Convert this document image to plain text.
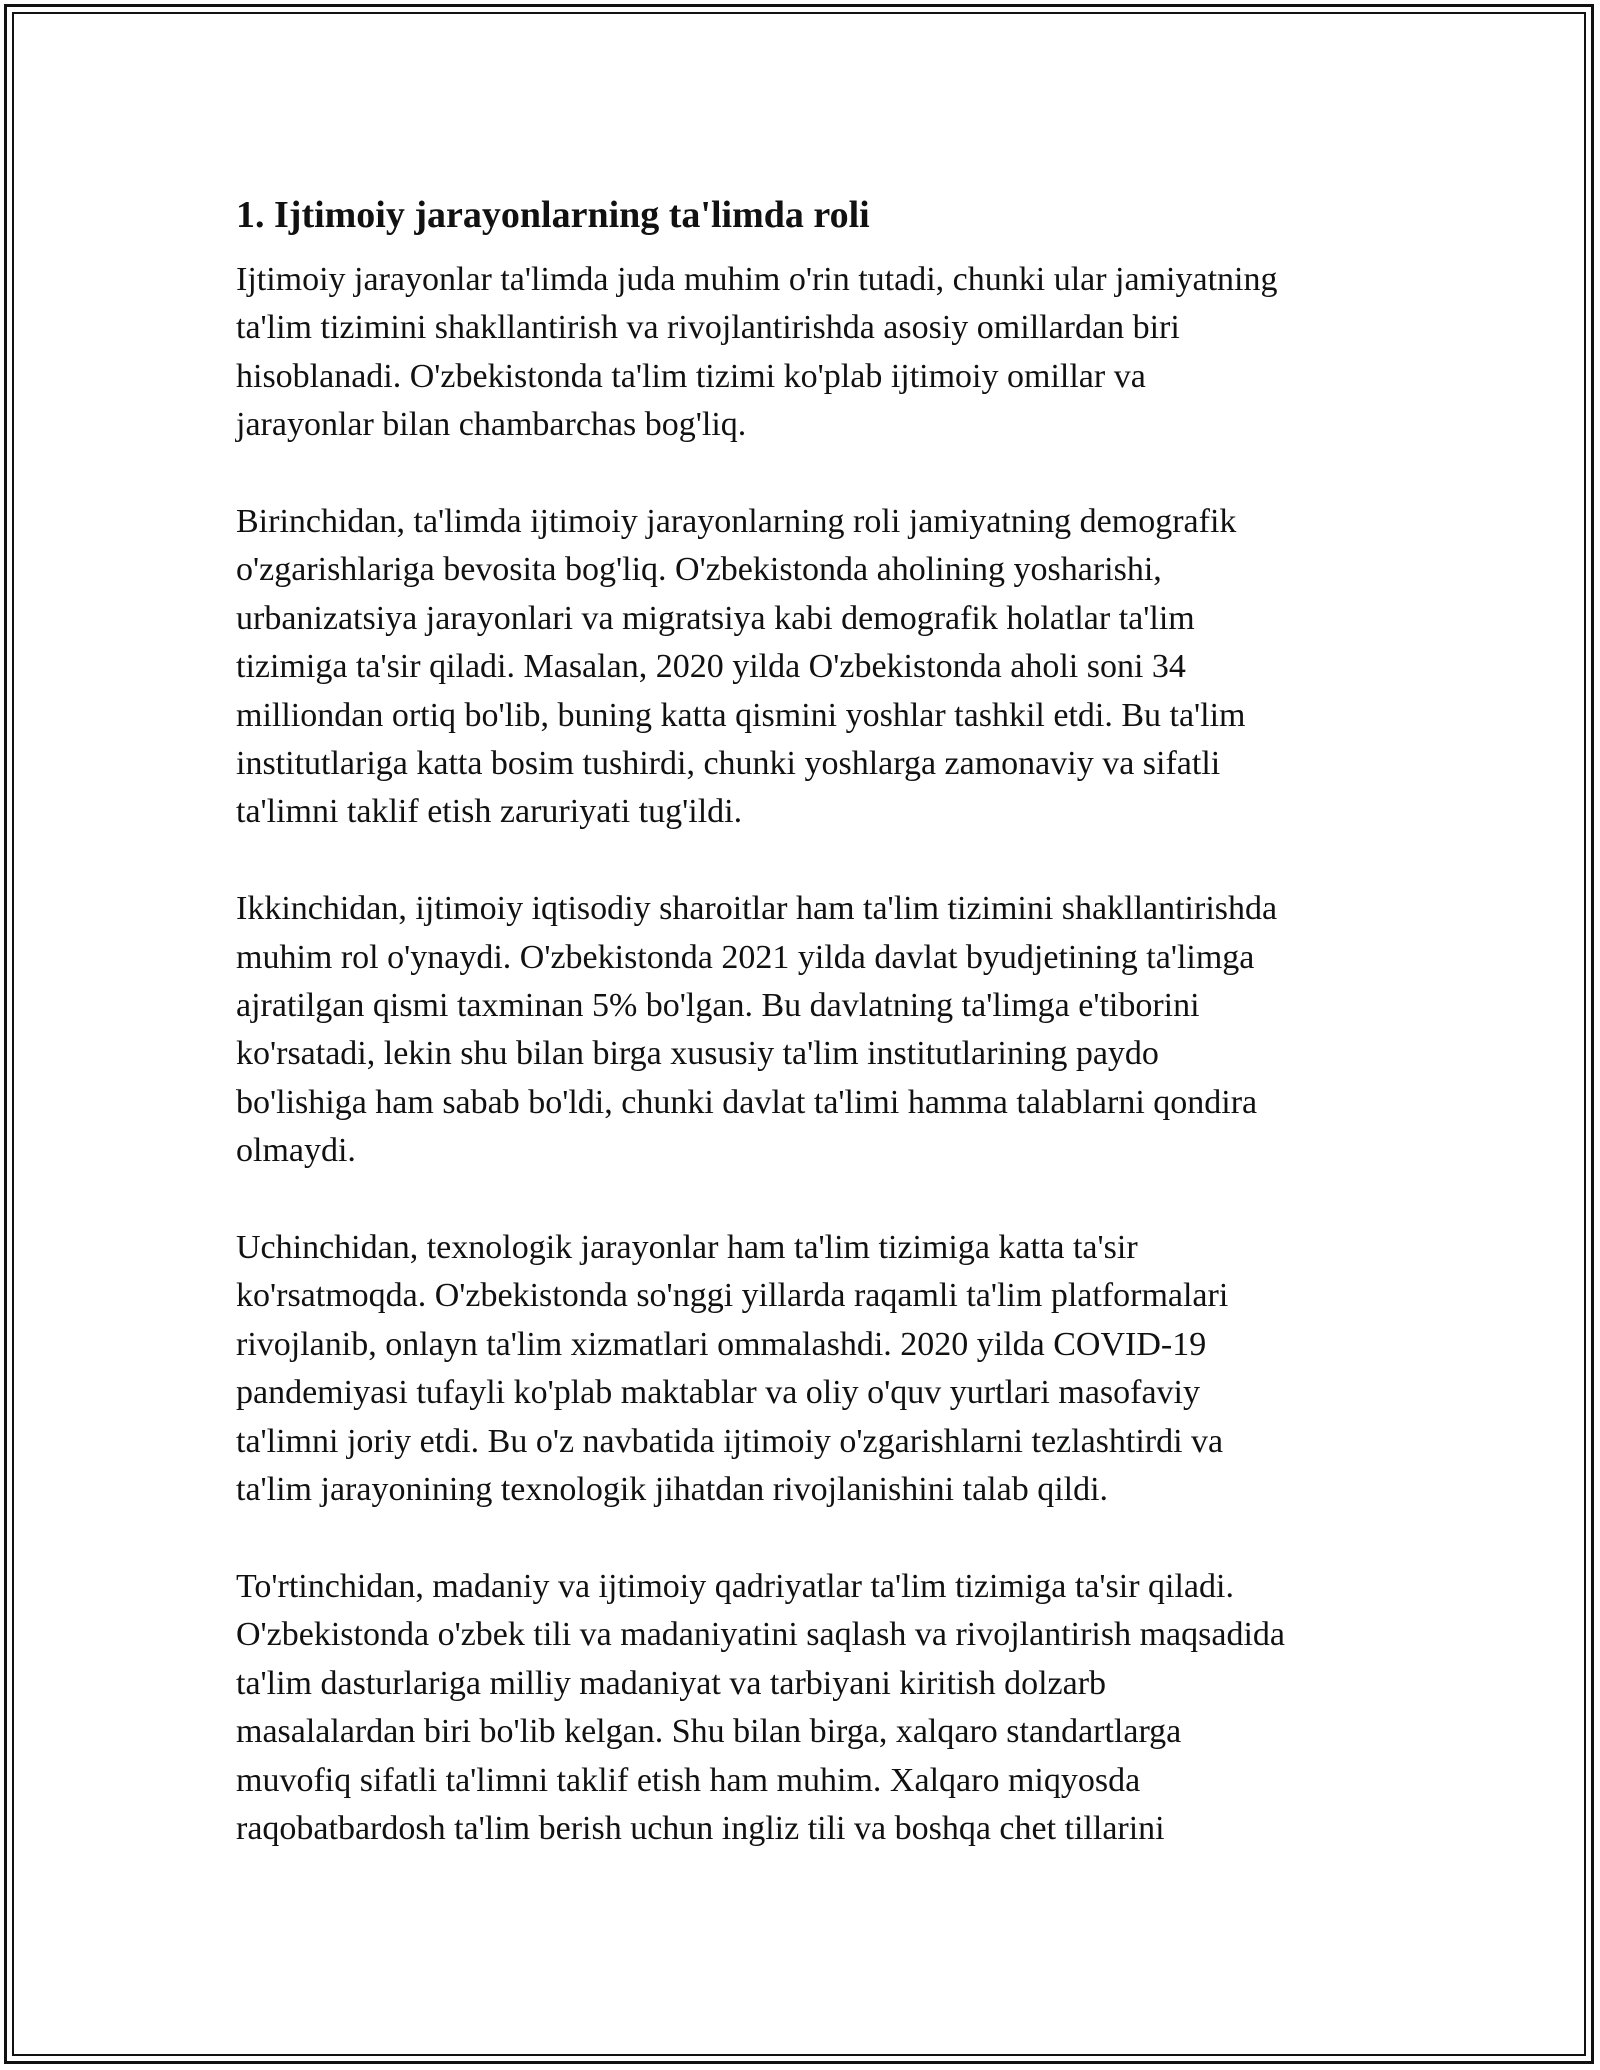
1. Ijtimoiy jarayonlarning ta'limda roli
Ijtimoiy jarayonlar ta'limda juda muhim o'rin tutadi, chunki ular jamiyatning
ta'lim tizimini shakllantirish va rivojlantirishda asosiy omillardan biri
hisoblanadi. O'zbekistonda ta'lim tizimi ko'plab ijtimoiy omillar va
jarayonlar bilan chambarchas bog'liq.
Birinchidan, ta'limda ijtimoiy jarayonlarning roli jamiyatning demografik
o'zgarishlariga bevosita bog'liq. O'zbekistonda aholining yosharishi,
urbanizatsiya jarayonlari va migratsiya kabi demografik holatlar ta'lim
tizimiga ta'sir qiladi. Masalan, 2020 yilda O'zbekistonda aholi soni 34
milliondan ortiq bo'lib, buning katta qismini yoshlar tashkil etdi. Bu ta'lim
institutlariga katta bosim tushirdi, chunki yoshlarga zamonaviy va sifatli
ta'limni taklif etish zaruriyati tug'ildi.
Ikkinchidan, ijtimoiy iqtisodiy sharoitlar ham ta'lim tizimini shakllantirishda
muhim rol o'ynaydi. O'zbekistonda 2021 yilda davlat byudjetining ta'limga
ajratilgan qismi taxminan 5% bo'lgan. Bu davlatning ta'limga e'tiborini
ko'rsatadi, lekin shu bilan birga xususiy ta'lim institutlarining paydo
bo'lishiga ham sabab bo'ldi, chunki davlat ta'limi hamma talablarni qondira
olmaydi.
Uchinchidan, texnologik jarayonlar ham ta'lim tizimiga katta ta'sir
ko'rsatmoqda. O'zbekistonda so'nggi yillarda raqamli ta'lim platformalari
rivojlanib, onlayn ta'lim xizmatlari ommalashdi. 2020 yilda COVID-19
pandemiyasi tufayli ko'plab maktablar va oliy o'quv yurtlari masofaviy
ta'limni joriy etdi. Bu o'z navbatida ijtimoiy o'zgarishlarni tezlashtirdi va
ta'lim jarayonining texnologik jihatdan rivojlanishini talab qildi.
To'rtinchidan, madaniy va ijtimoiy qadriyatlar ta'lim tizimiga ta'sir qiladi.
O'zbekistonda o'zbek tili va madaniyatini saqlash va rivojlantirish maqsadida
ta'lim dasturlariga milliy madaniyat va tarbiyani kiritish dolzarb
masalalardan biri bo'lib kelgan. Shu bilan birga, xalqaro standartlarga
muvofiq sifatli ta'limni taklif etish ham muhim. Xalqaro miqyosda
raqobatbardosh ta'lim berish uchun ingliz tili va boshqa chet tillarini
